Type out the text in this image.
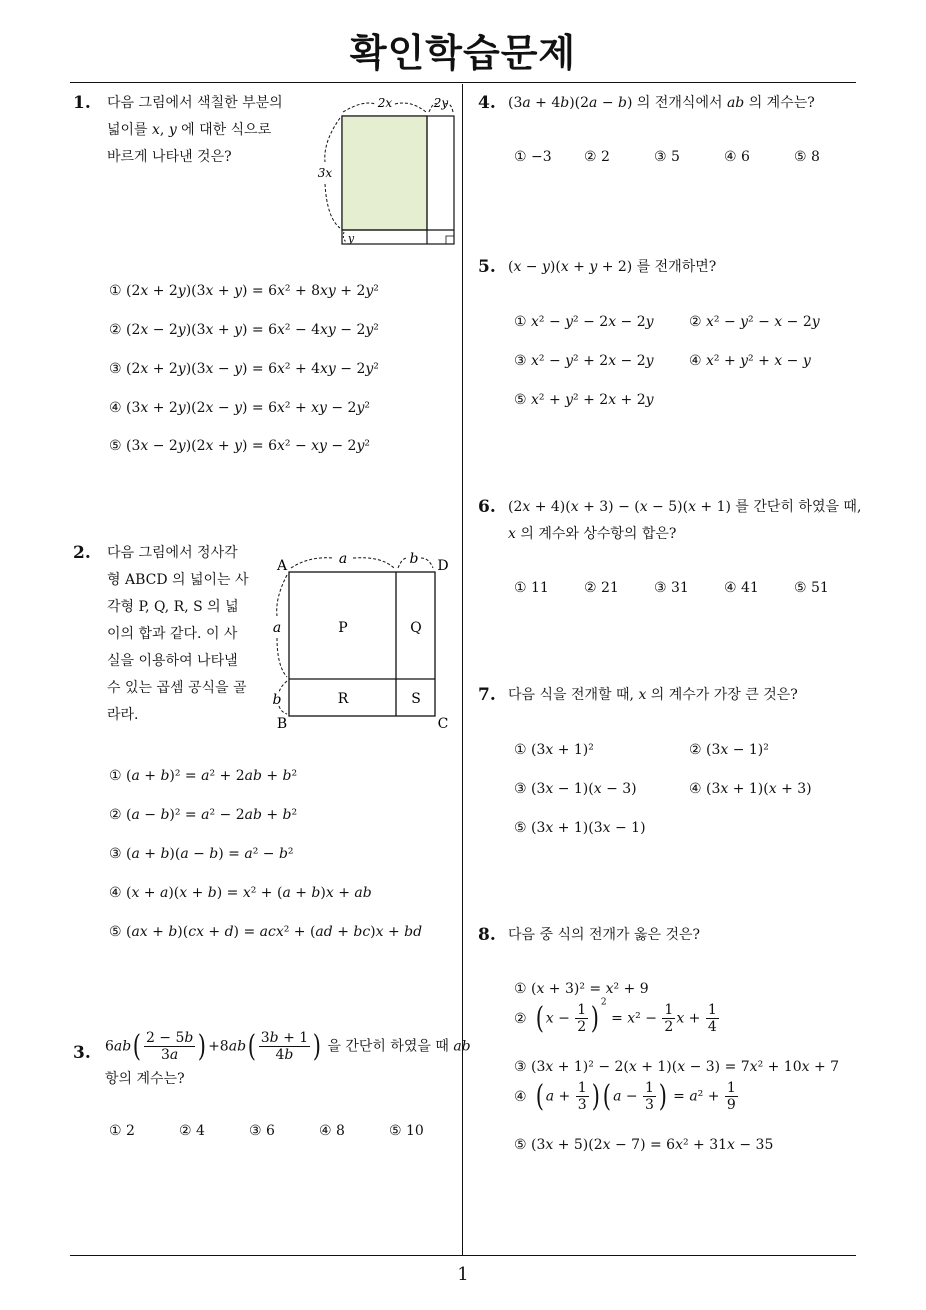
확인학습문제
1
1. 다음 그림에서 색칠한 부분의
넓이를 𝑥, 𝑦 에 대한 식으로
바르게 나타낸 것은?
2𝑥	2𝑦
3𝑥
𝑦
① (2𝑥 + 2𝑦)(3𝑥 + 𝑦) = 6𝑥² + 8𝑥𝑦 + 2𝑦²
② (2𝑥 − 2𝑦)(3𝑥 + 𝑦) = 6𝑥² − 4𝑥𝑦 − 2𝑦²
③ (2𝑥 + 2𝑦)(3𝑥 − 𝑦) = 6𝑥² + 4𝑥𝑦 − 2𝑦²
④ (3𝑥 + 2𝑦)(2𝑥 − 𝑦) = 6𝑥² + 𝑥𝑦 − 2𝑦²
⑤ (3𝑥 − 2𝑦)(2𝑥 + 𝑦) = 6𝑥² − 𝑥𝑦 − 2𝑦²
2. 다음 그림에서 정사각
형 ABCD 의 넓이는 사
각형 P, Q, R, S 의 넓
이의 합과 같다. 이 사
실을 이용하여 나타낼
수 있는 곱셈 공식을 골
라라.
A	D
B	C
𝑎	𝑏
𝑎
𝑏
P	Q
R	S
① (𝑎 + 𝑏)² = 𝑎² + 2𝑎𝑏 + 𝑏²
② (𝑎 − 𝑏)² = 𝑎² − 2𝑎𝑏 + 𝑏²
③ (𝑎 + 𝑏)(𝑎 − 𝑏) = 𝑎² − 𝑏²
④ (𝑥 + 𝑎)(𝑥 + 𝑏) = 𝑥² + (𝑎 + 𝑏)𝑥 + 𝑎𝑏
⑤ (𝑎𝑥 + 𝑏)(𝑐𝑥 + 𝑑) = 𝑎𝑐𝑥² + (𝑎𝑑 + 𝑏𝑐)𝑥 + 𝑏𝑑
3. 6𝑎𝑏( $\frac{\text{2 − 5𝑏}}{\text{3𝑎}}$ ) +8𝑎𝑏( $\frac{\text{3𝑏 + 1}}{\text{4𝑏}}$ ) 을 간단히 하였을 때 𝑎𝑏
항의 계수는?
① 2	② 4	③ 6	④ 8	⑤ 10
4. (3𝑎 + 4𝑏)(2𝑎 − 𝑏) 의 전개식에서 𝑎𝑏 의 계수는?
① −3 ② 2	③ 5	④ 6	⑤ 8
5. (𝑥 − 𝑦)(𝑥 + 𝑦 + 2) 를 전개하면?
① 𝑥² − 𝑦² − 2𝑥 − 2𝑦	② 𝑥² − 𝑦² − 𝑥 − 2𝑦
③ 𝑥² − 𝑦² + 2𝑥 − 2𝑦	④ 𝑥² + 𝑦² + 𝑥 − 𝑦
⑤ 𝑥² + 𝑦² + 2𝑥 + 2𝑦
6. (2𝑥 + 4)(𝑥 + 3) − (𝑥 − 5)(𝑥 + 1) 를 간단히 하였을 때,
𝑥 의 계수와 상수항의 합은?
① 11	② 21	③ 31	④ 41	⑤ 51
7. 다음 식을 전개할 때, 𝑥 의 계수가 가장 큰 것은?
① (3𝑥 + 1)²	② (3𝑥 − 1)²
③ (3𝑥 − 1)(𝑥 − 3)	④ (3𝑥 + 1)(𝑥 + 3)
⑤ (3𝑥 + 1)(3𝑥 − 1)
8. 다음 중 식의 전개가 옳은 것은?
① (𝑥 + 3)² = 𝑥² + 9
② ( 𝑥 − $\frac{1}{2}$ ) $^2$ = 𝑥² − $\frac{1}{2}$ 𝑥 + $\frac{1}{4}$
③ (3𝑥 + 1)² − 2(𝑥 + 1)(𝑥 − 3) = 7𝑥² + 10𝑥 + 7
④ ( 𝑎 + $\frac{1}{3}$ ) ( 𝑎 − $\frac{1}{3}$ ) = 𝑎² + $\frac{1}{9}$
⑤ (3𝑥 + 5)(2𝑥 − 7) = 6𝑥² + 31𝑥 − 35
